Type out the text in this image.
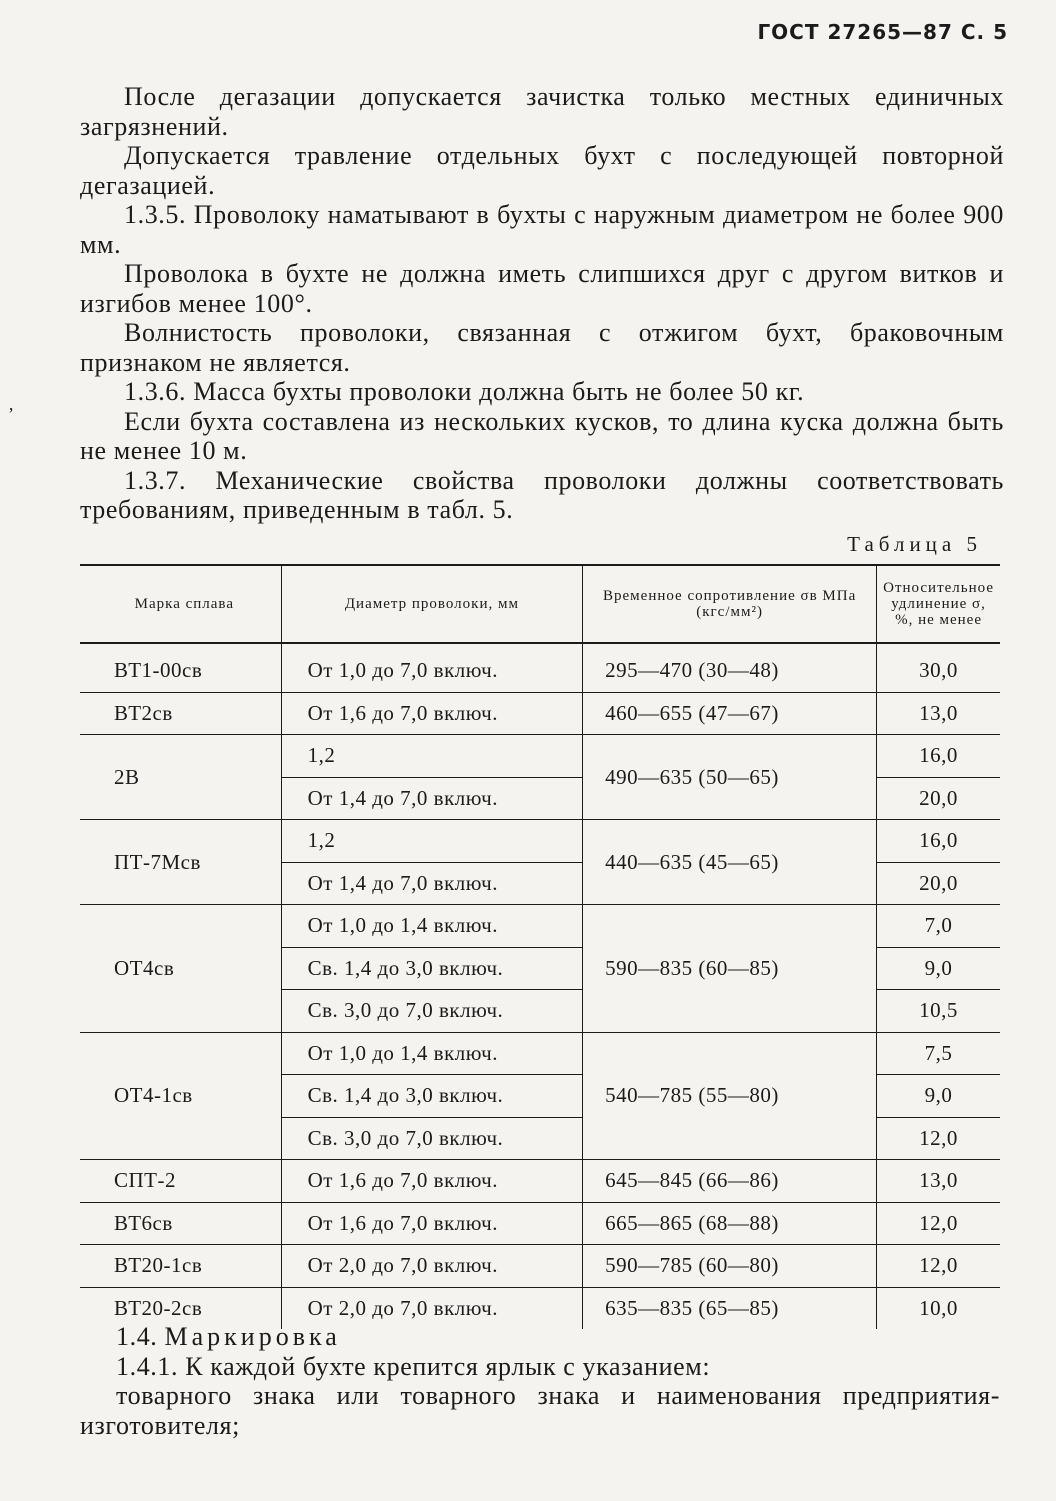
ГОСТ 27265—87 С. 5
’

После дегазации допускается зачистка только местных единичных загрязнений.

Допускается травление отдельных бухт с последующей повторной дегазацией.

1.3.5. Проволоку наматывают в бухты с наружным диаметром не более 900 мм.

Проволока в бухте не должна иметь слипшихся друг с другом витков и изгибов менее 100°.

Волнистость проволоки, связанная с отжигом бухт, браковочным признаком не является.

1.3.6. Масса бухты проволоки должна быть не более 50 кг.

Если бухта составлена из нескольких кусков, то длина куска должна быть не менее 10 м.

1.3.7. Механические свойства проволоки должны соответствовать требованиям, приведенным в табл. 5.

Таблица 5
Марка сплава	Диаметр проволоки, мм	Временное сопротивление σв МПа (кгс/мм²)	Относительное удлинение σ, %, не менее

ВТ1-00св	От 1,0 до 7,0 включ.	295—470 (30—48)	30,0
ВТ2св	От 1,6 до 7,0 включ.	460—655 (47—67)	13,0
2В	1,2	490—635 (50—65)	16,0
	От 1,4 до 7,0 включ.		20,0
ПТ-7Мсв	1,2	440—635 (45—65)	16,0
	От 1,4 до 7,0 включ.		20,0
ОТ4св	От 1,0 до 1,4 включ.	590—835 (60—85)	7,0
	Св. 1,4 до 3,0 включ.		9,0
	Св. 3,0 до 7,0 включ.		10,5
ОТ4-1св	От 1,0 до 1,4 включ.	540—785 (55—80)	7,5
	Св. 1,4 до 3,0 включ.		9,0
	Св. 3,0 до 7,0 включ.		12,0
СПТ-2	От 1,6 до 7,0 включ.	645—845 (66—86)	13,0
ВТ6св	От 1,6 до 7,0 включ.	665—865 (68—88)	12,0
ВТ20-1св	От 2,0 до 7,0 включ.	590—785 (60—80)	12,0
ВТ20-2св	От 2,0 до 7,0 включ.	635—835 (65—85)	10,0

1.4. Маркировка

1.4.1. К каждой бухте крепится ярлык с указанием:

товарного знака или товарного знака и наименования предприятия-изготовителя;
